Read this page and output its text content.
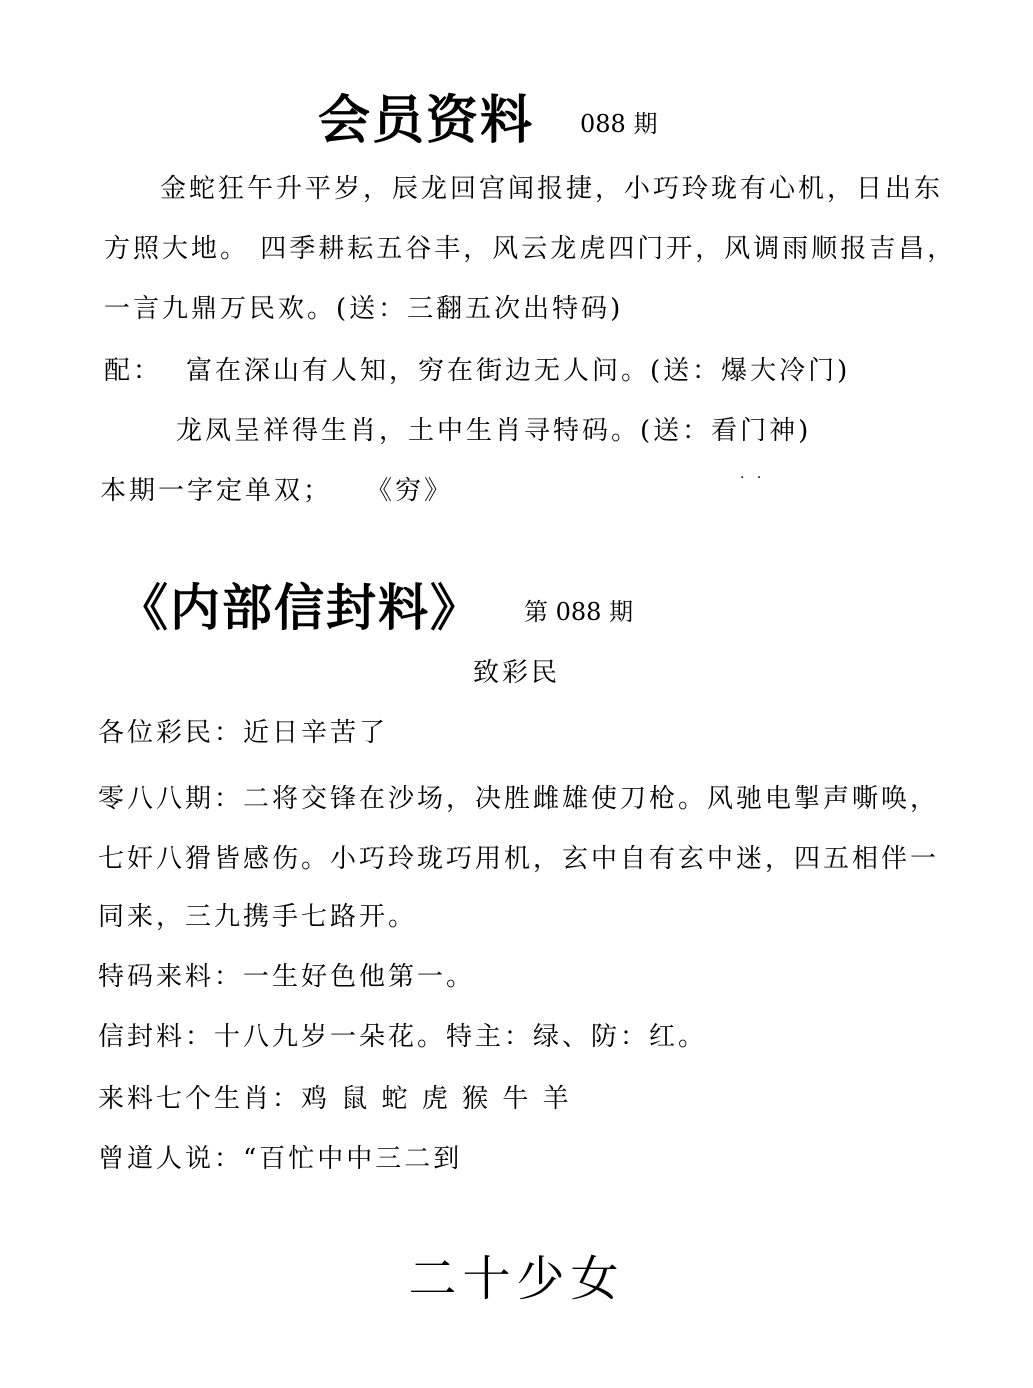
会员资料 088 期
金蛇狂午升平岁，辰龙回宫闻报捷，小巧玲珑有心机，日出东
方照大地。 四季耕耘五谷丰，风云龙虎四门开，风调雨顺报吉昌，
一言九鼎万民欢。(送：三翻五次出特码)
配： 富在深山有人知，穷在街边无人问。(送：爆大冷门)
龙凤呈祥得生肖，土中生肖寻特码。(送：看门神)
本期一字定单双； 《穷》	· ·
《内部信封料》 第 088 期
致彩民
各位彩民：近日辛苦了
零八八期：二将交锋在沙场，决胜雌雄使刀枪。风驰电掣声嘶唤，
七奸八猾皆感伤。小巧玲珑巧用机，玄中自有玄中迷，四五相伴一
同来，三九携手七路开。
特码来料：一生好色他第一。
信封料：十八九岁一朵花。特主：绿、防：红。
来料七个生肖：鸡 鼠 蛇 虎 猴 牛 羊
曾道人说：“百忙中中三二到
二十少女
